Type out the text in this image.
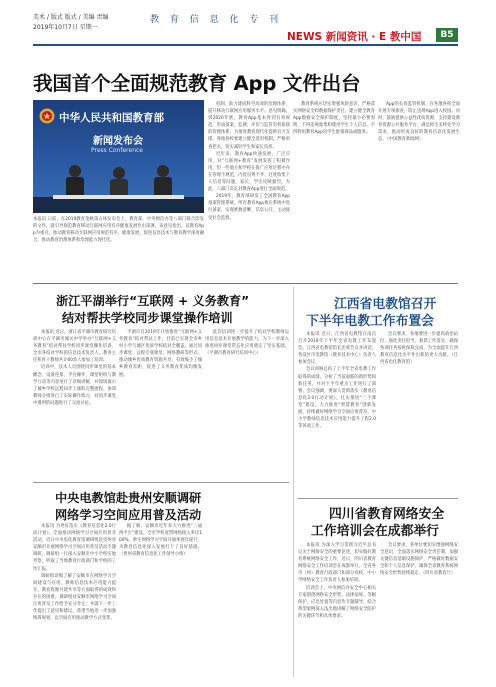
美术 / 版式 版式 / 美编 责编
2019年10月7日 星期一
教 育 信 息 化 专 刊
NEWS 新闻资讯 · E 教中国	B5
我国首个全面规范教育 App 文件出台
中华人民共和国教育部
新闻发布会
Press Conference

本报讯 日前，在2019教育金秋第五场发布会上，教育部、中央网信办等八部门联合印发的文件，就引导规范教育移动互联网应用有序健康发展作出部署。该意见指出，以教育App为重点，推动教育移动互联网应用规范有序、健康发展，促进信息技术与教育教学深度融合，推动教育治理体系和治理能力现代化。

机制，助力建成科学高效的治理体系，提升移动互联网应用服务水平。意见明确，到2020年底，教育App基本得到有效规范，形成备案、监测、评价与监管有机衔接的管理体系，为推进教育现代化提供有力支撑。各地各校要建立健全选用机制，严格审查把关，切实减轻学生和家长负担。

近年来，教育App快速发展，广泛应用，对“互联网+教育”发展发挥了积极作用，但一些地方和学校在推广应用过程中存在管理不规范、内容良莠不齐、过度收集个人信息等问题，家长、学生反映强烈。为此，八部门决定对教育App进行全面规范。

2019年，教育部研发了全国教育App备案管理系统，所有教育App须在系统中进行备案，实现底数清晰、信息公开，主动接受社会监督。

教育系统应切实增强风险意识，严格落实网络安全和数据保护责任，建立健全教育App数据安全保护制度，坚持最小必要原则，不得违规收集和使用学生个人信息，不得利用教育App向学生推销商品或服务。

App的长效监管机制，在各地各校全面开展专项排查，防止违规App进入校园。同时，鼓励提供公益性优质资源，支持建设教育资源公共服务平台，满足师生多样化学习需求，推动形成良好的教育信息化发展生态。（中国教育新闻网）

浙江平湖举行“互联网 + 义务教育”
结对帮扶学校同步课堂操作培训

本报讯 近日，浙江省平湖市教育研究培训中心在平湖市城关中学举办“互联网+义务教育”结对帮扶学校同步课堂操作培训，全市各结对学校的信息技术负责人、教务主任和骨干教师共计60余人参加了培训。

培训中，技术人员围绕同步课堂的基本概念、设备连接、平台操作、课堂组织与教学互动等内容进行了详细讲解，并现场演示了城乡学校远程同步上课的完整流程。参训教师分组进行了实际操作练习，对同步课堂中遇到的问题进行了交流讨论。

平湖市自2019年开始推进“互联网+义务教育”结对帮扶工作，目前已实现全市乡村小学与城区优质学校结对全覆盖。通过同步课堂、远程专递课堂、网络教研等形式，推动城乡优质教育资源共享，有效缩小了城乡教育差距，促进了义务教育优质均衡发展。

此次培训进一步提升了结对学校教师运用信息技术开展教学的能力，为下一步深入推进同步课堂常态化应用奠定了坚实基础。（平湖市教育研究培训中心）

中央电教馆赴贵州安顺调研
网络学习空间应用普及活动

本报讯 为更好落实《教育信息化2.0行动计划》，全面推动网络学习空间应用普及活动，近日中央电化教育馆调研组赴贵州省安顺市开展网络学习空间应用普及活动专题调研。调研组一行深入安顺市中小学校实地考察，听取了当地教育行政部门和学校的工作汇报。

调研组详细了解了安顺市在网络学习空间建设与应用、教师信息技术应用能力提升、教育资源共建共享等方面取得的成效和存在的困难。调研组对安顺市网络学习空间应用普及工作给予充分肯定，并就下一步工作提出了意见和建议，希望当地进一步加强统筹规划，以空间应用推动教学方式变革。

据了解，安顺市近年来大力推进“三通两平台”建设，全市学校宽带网络接入率达100%，师生网络学习空间开通率逐年提升，为教育信息化深入发展打下了良好基础。（贵州省教育信息化工作领导小组）

江西省电教馆召开
下半年电教工作布置会

本报讯 近日，江西省电教馆在南昌召开2019年下半年全省电教工作布置会。江西省电教馆馆长出席会议并讲话，各设区市电教馆（教育技术中心）负责人参加会议。

会议回顾总结了上半年全省电教工作取得的成绩，分析了当前面临的新形势和新任务，并对下半年重点工作进行了部署。会议强调，要深入贯彻落实《教育信息化2.0行动计划》，扎实推进“三个课堂”建设，大力推进“智慧教育”创新发展，持续做好网络学习空间应用普及、中小学教师信息技术应用能力提升工程2.0等各项工作。

会议要求，各地要进一步提高政治站位，强化责任担当，狠抓工作落实，确保各项任务按时保质完成，为全面提升江西教育信息化水平作出新的更大贡献。（江西省电化教育馆）

四川省教育网络安全
工作培训会在成都举行

本报讯 为深入学习贯彻习近平总书记关于网络安全的重要论述，切实做好教育系统网络安全工作，近日，四川省教育网络安全工作培训会在成都举行。全省各市（州）教育行政部门和部分高校、中小学网络安全工作负责人参加培训。

培训会上，中央网信办安全中心相关专家围绕网络安全形势、法律法规、等级保护、应急处置等内容作专题辅导，结合典型案例深入浅出地讲解了网络安全防护的关键环节和具体要求。

会议要求，各单位要切实增强网络安全意识，全面落实网络安全责任制，加强关键信息基础设施保护，严格做好数据安全和个人信息保护，确保全省教育系统网络安全形势持续稳定。（四川省教育厅）
